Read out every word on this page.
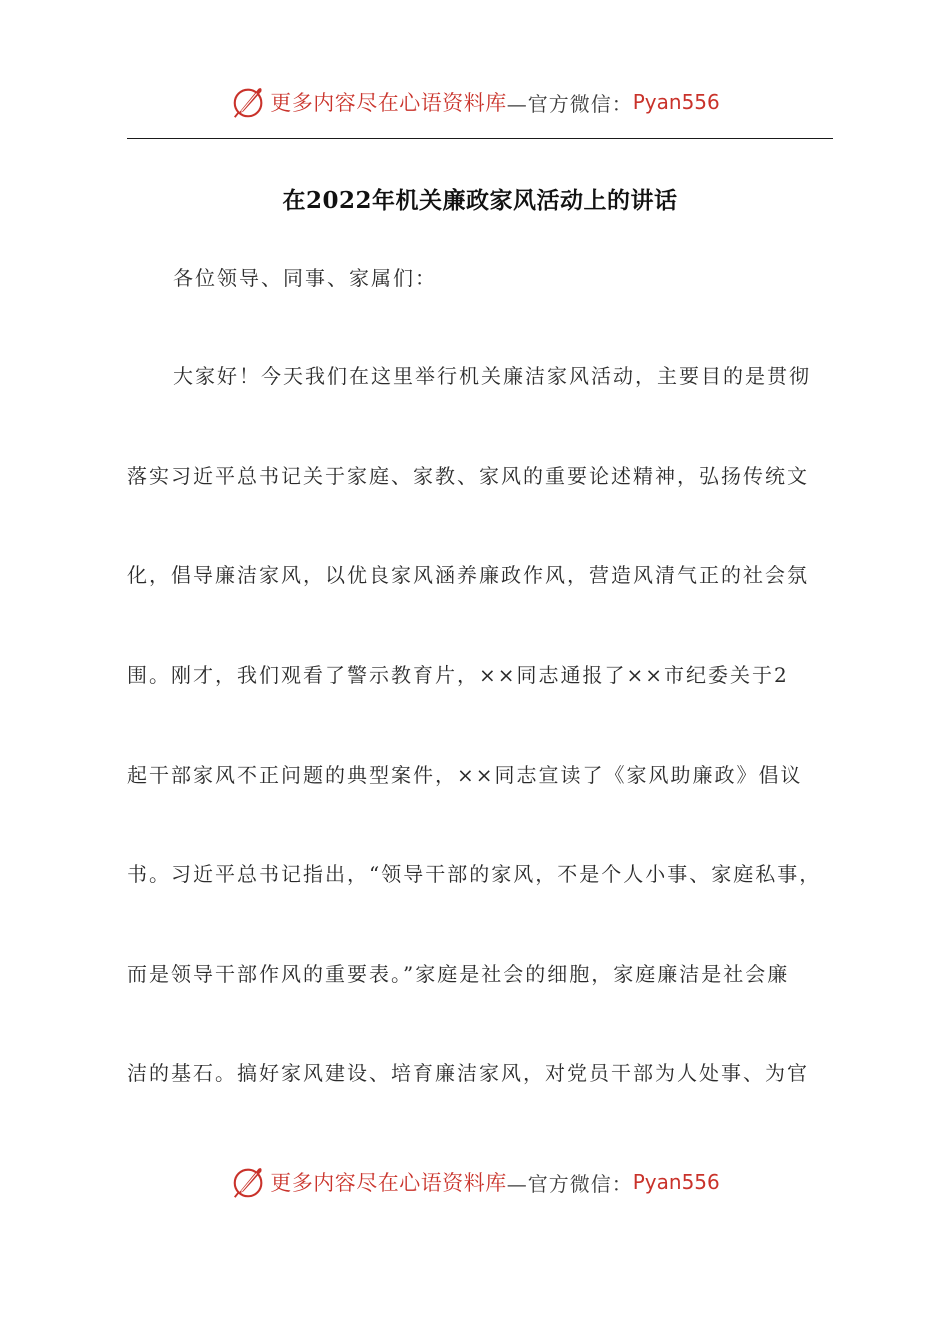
更多内容尽在心语资料库 —官方微信： Pyan556
在2022年机关廉政家风活动上的讲话
各位领导、同事、家属们：
大家好！今天我们在这里举行机关廉洁家风活动，主要目的是贯彻
落实习近平总书记关于家庭、家教、家风的重要论述精神，弘扬传统文
化，倡导廉洁家风，以优良家风涵养廉政作风，营造风清气正的社会氛
围。刚才，我们观看了警示教育片，××同志通报了××市纪委关于2
起干部家风不正问题的典型案件，××同志宣读了《家风助廉政》倡议
书。习近平总书记指出，“领导干部的家风，不是个人小事、家庭私事，
而是领导干部作风的重要表。”家庭是社会的细胞，家庭廉洁是社会廉
洁的基石。搞好家风建设、培育廉洁家风，对党员干部为人处事、为官
更多内容尽在心语资料库 —官方微信： Pyan556
